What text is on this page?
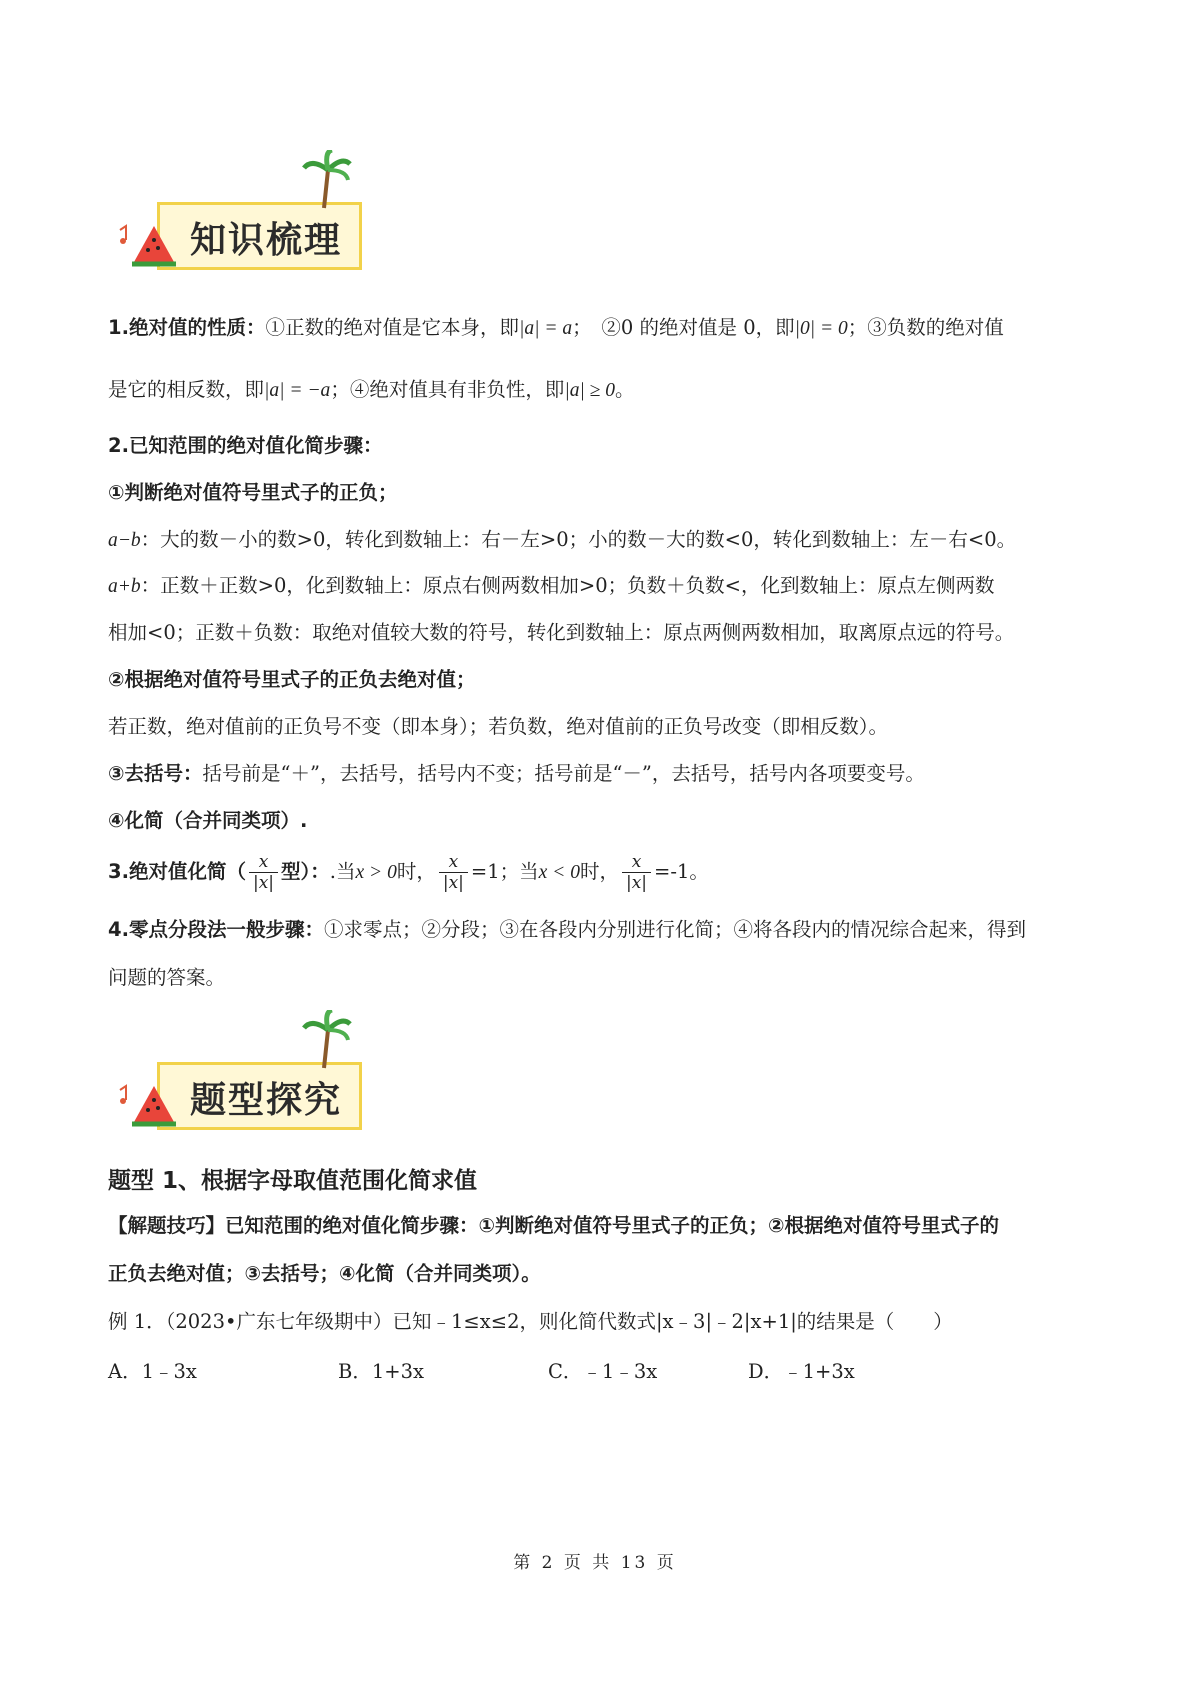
知识梳理
1.绝对值的性质：①正数的绝对值是它本身，即|a| = a；　②0 的绝对值是 0，即|0| = 0；③负数的绝对值
是它的相反数，即|a| = −a；④绝对值具有非负性，即|a| ≥ 0。
2.已知范围的绝对值化简步骤：
①判断绝对值符号里式子的正负；
a−b：大的数－小的数>0，转化到数轴上：右－左>0；小的数－大的数<0，转化到数轴上：左－右<0。
a+b：正数＋正数>0，化到数轴上：原点右侧两数相加>0；负数＋负数<，化到数轴上：原点左侧两数
相加<0；正数＋负数：取绝对值较大数的符号，转化到数轴上：原点两侧两数相加，取离原点远的符号。
②根据绝对值符号里式子的正负去绝对值；
若正数，绝对值前的正负号不变（即本身）；若负数，绝对值前的正负号改变（即相反数）。
③去括号：括号前是“＋”，去括号，括号内不变；括号前是“－”，去括号，括号内各项要变号。
④化简（合并同类项）.
3.绝对值化简（ $\frac{x}{|x|}$ 型）：.当x > 0时， $\frac{x}{|x|} =1$；当x < 0时， $\frac{x}{|x|} =-1$。
4.零点分段法一般步骤：①求零点；②分段；③在各段内分别进行化简；④将各段内的情况综合起来，得到
问题的答案。
题型探究
题型 1、根据字母取值范围化简求值
【解题技巧】已知范围的绝对值化简步骤：①判断绝对值符号里式子的正负；②根据绝对值符号里式子的
正负去绝对值；③去括号；④化简（合并同类项）。
例 1．（2023•广东七年级期中）已知﹣1≤x≤2，则化简代数式|x﹣3|﹣2|x+1|的结果是（　　）
A．1﹣3x	B．1+3x	C．﹣1﹣3x	D．﹣1+3x
第 2 页 共 13 页
